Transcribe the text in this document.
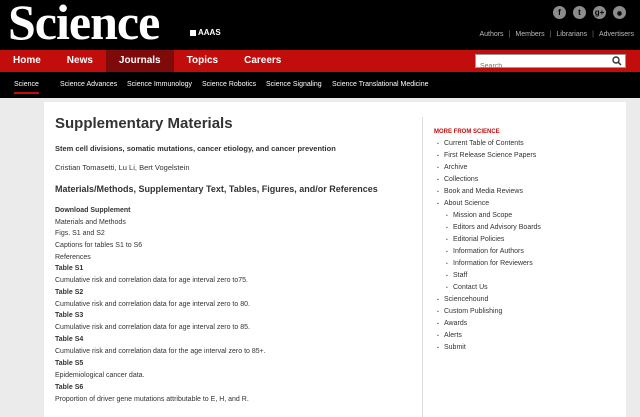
Science	AAAS
f	t	g+	◉
Authors | Members | Librarians | Advertisers
Home	News	Journals	Topics	Careers
Search
Science	Science Advances Science Immunology Science Robotics Science Signaling Science Translational Medicine
Supplementary Materials
Stem cell divisions, somatic mutations, cancer etiology, and cancer prevention
Cristian Tomasetti, Lu Li, Bert Vogelstein
Materials/Methods, Supplementary Text, Tables, Figures, and/or References
Download Supplement
Materials and Methods
Figs. S1 and S2
Captions for tables S1 to S6
References
Table S1
Cumulative risk and correlation data for age interval zero to75.
Table S2
Cumulative risk and correlation data for age interval zero to 80.
Table S3
Cumulative risk and correlation data for age interval zero to 85.
Table S4
Cumulative risk and correlation data for the age interval zero to 85+.
Table S5
Epidemiological cancer data.
Table S6
Proportion of driver gene mutations attributable to E, H, and R.
MORE FROM SCIENCE
▪ Current Table of Contents
▪ First Release Science Papers
▪ Archive
▪ Collections
▪ Book and Media Reviews
▪ About Science
▪ Mission and Scope
▪ Editors and Advisory Boards
▪ Editorial Policies
▪ Information for Authors
▪ Information for Reviewers
▪ Staff
▪ Contact Us
▪ Sciencehound
▪ Custom Publishing
▪ Awards
▪ Alerts
▪ Submit
